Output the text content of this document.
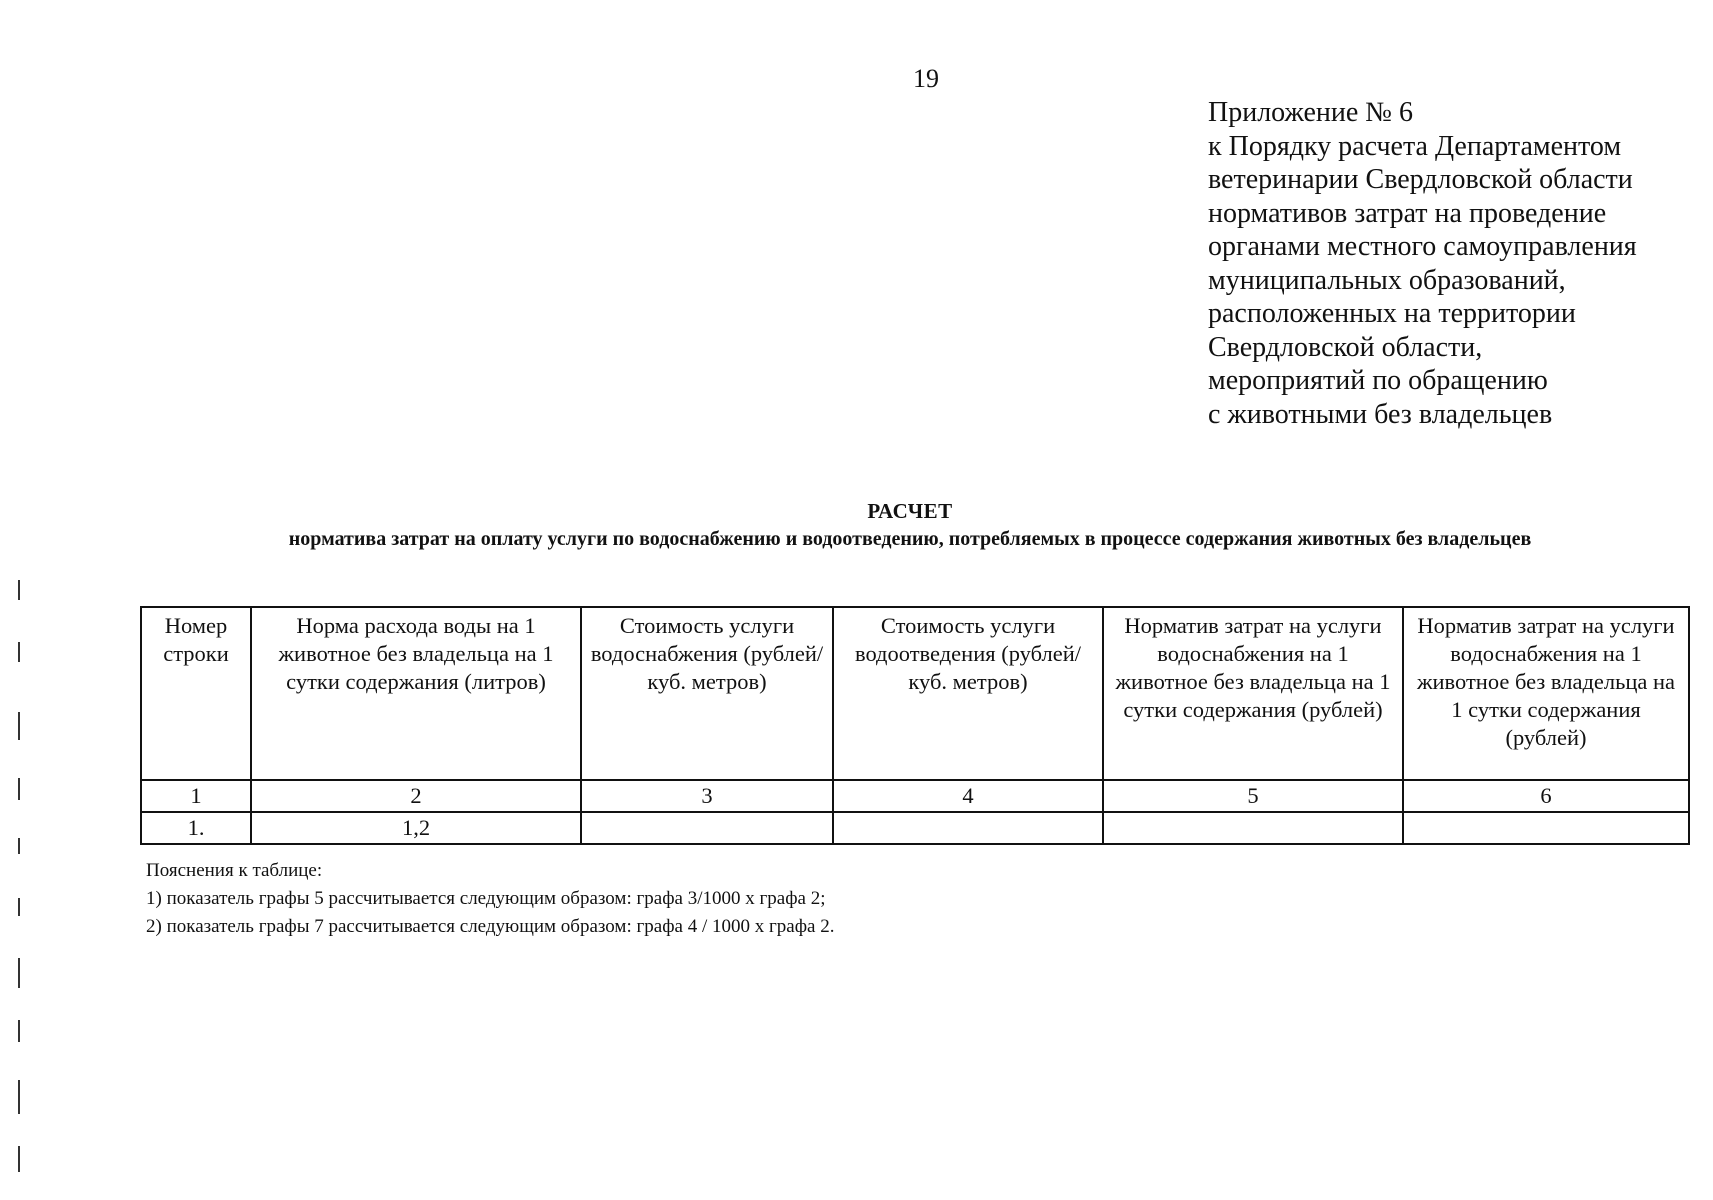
19
Приложение № 6
к Порядку расчета Департаментом
ветеринарии Свердловской области
нормативов затрат на проведение
органами местного самоуправления
муниципальных образований,
расположенных на территории
Свердловской области,
мероприятий по обращению
с животными без владельцев
РАСЧЕТ
норматива затрат на оплату услуги по водоснабжению и водоотведению, потребляемых в процессе содержания животных без владельцев
Номер строки	Норма расхода воды на 1 животное без владельца на 1 сутки содержания (литров)	Стоимость услуги водоснабжения (рублей/куб. метров)	Стоимость услуги водоотведения (рублей/куб. метров)	Норматив затрат на услуги водоснабжения на 1 животное без владельца на 1 сутки содержания (рублей)	Норматив затрат на услуги водоснабжения на 1 животное без владельца на 1 сутки содержания (рублей)
1	2	3	4	5	6
1.	1,2				
Пояснения к таблице:
1) показатель графы 5 рассчитывается следующим образом: графа 3/1000 х графа 2;
2) показатель графы 7 рассчитывается следующим образом: графа 4 / 1000 х графа 2.
